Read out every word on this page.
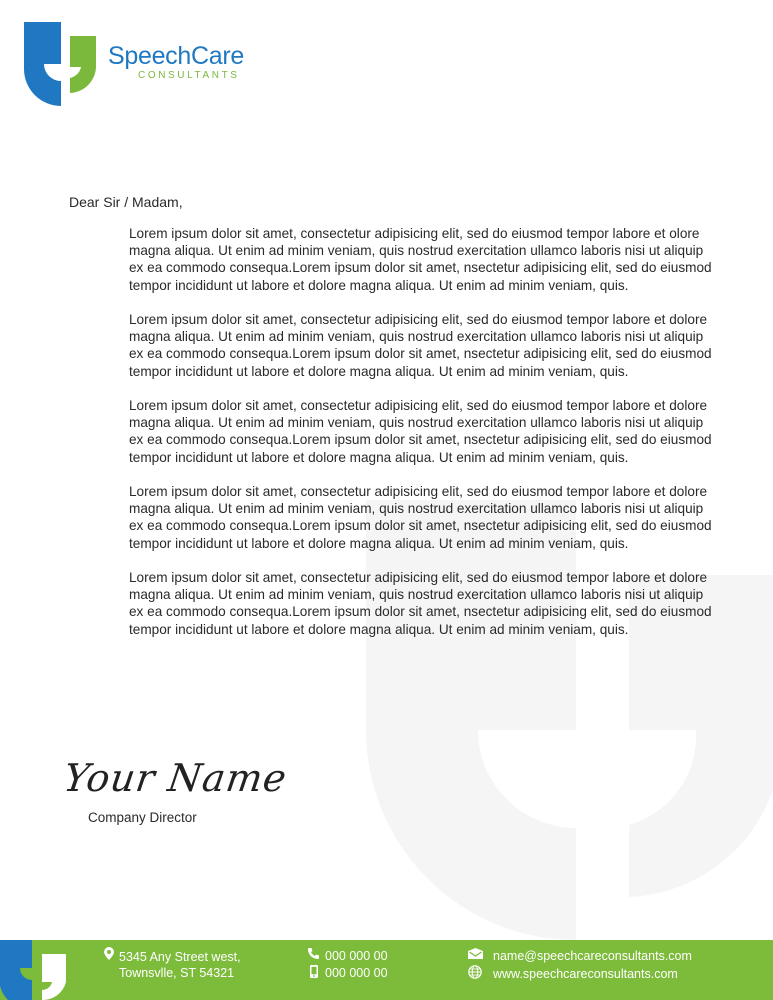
SpeechCare
CONSULTANTS
Dear Sir / Madam,

Lorem ipsum dolor sit amet, consectetur adipisicing elit, sed do eiusmod tempor labore et olore magna aliqua. Ut enim ad minim veniam, quis nostrud exercitation ullamco laboris nisi ut aliquip ex ea commodo consequa.Lorem ipsum dolor sit amet, nsectetur adipisicing elit, sed do eiusmod tempor incididunt ut labore et dolore magna aliqua. Ut enim ad minim veniam, quis.

Lorem ipsum dolor sit amet, consectetur adipisicing elit, sed do eiusmod tempor labore et dolore magna aliqua. Ut enim ad minim veniam, quis nostrud exercitation ullamco laboris nisi ut aliquip ex ea commodo consequa.Lorem ipsum dolor sit amet, nsectetur adipisicing elit, sed do eiusmod tempor incididunt ut labore et dolore magna aliqua. Ut enim ad minim veniam, quis.

Lorem ipsum dolor sit amet, consectetur adipisicing elit, sed do eiusmod tempor labore et dolore magna aliqua. Ut enim ad minim veniam, quis nostrud exercitation ullamco laboris nisi ut aliquip ex ea commodo consequa.Lorem ipsum dolor sit amet, nsectetur adipisicing elit, sed do eiusmod tempor incididunt ut labore et dolore magna aliqua. Ut enim ad minim veniam, quis.

Lorem ipsum dolor sit amet, consectetur adipisicing elit, sed do eiusmod tempor labore et dolore magna aliqua. Ut enim ad minim veniam, quis nostrud exercitation ullamco laboris nisi ut aliquip ex ea commodo consequa.Lorem ipsum dolor sit amet, nsectetur adipisicing elit, sed do eiusmod tempor incididunt ut labore et dolore magna aliqua. Ut enim ad minim veniam, quis.

Lorem ipsum dolor sit amet, consectetur adipisicing elit, sed do eiusmod tempor labore et dolore magna aliqua. Ut enim ad minim veniam, quis nostrud exercitation ullamco laboris nisi ut aliquip ex ea commodo consequa.Lorem ipsum dolor sit amet, nsectetur adipisicing elit, sed do eiusmod tempor incididunt ut labore et dolore magna aliqua. Ut enim ad minim veniam, quis.

Your Name
Company Director
5345 Any Street west,
Townsvlle, ST 54321
000 000 00
000 000 00
name@speechcareconsultants.com
www.speechcareconsultants.com
